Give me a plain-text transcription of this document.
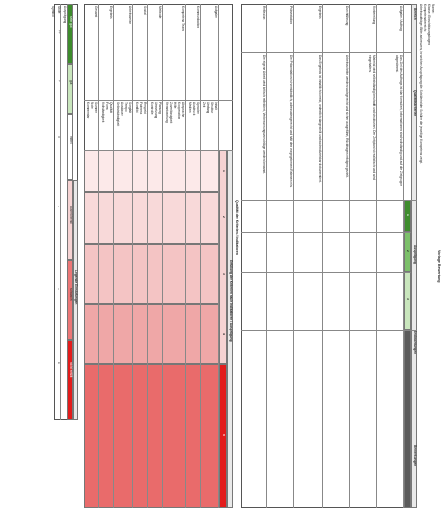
Vorlage Bewertung
Name:
Klasse: Einschätzungsbogen
Kompetenzbereich:
Arbeitsaufträge: Bitte ankreuzen, in welcher Ausprägung die Schülerin/der Schüler die jeweilige Kompetenz zeigt.
Bereich
Qualitätskriterien
Ausprägung
Beobachtungen
Bemerkungen
Aufgabe / Auftrag
Das Ziel des Auftrags ist klar formuliert, Informationen sind vollständig und auf die Zielgruppe abgestimmt.
Vorbereitung
Material wird selbstständig beschafft und strukturiert. Der Zeitplan ist realistisch und wird eingehalten.
Durchführung
Arbeitsschritte werden sachgerecht und sicher ausgeführt, Rückfragen erfolgen gezielt.
Ergebnis
Das Ergebnis ist inhaltlich korrekt, ordentlich dargestellt und nachvollziehbar dokumentiert.
Präsentation
Die Präsentation ist verständlich, adressatengerecht und hält den vorgegebenen Rahmen ein.
Reflexion
Die eigene Arbeit wird kritisch reflektiert, Verbesserungsvorschläge werden benannt.
Qualität der Kriterien / Indikatoren
Erfüllung der Kriterien nach Indikatoren / Ausprägung
Aufgabe
Inhalt
Struktur
Umfang
Zeit
Kommunikation
Sprache
Ausdruck
Medien
Kompetenz Team
Absprache
Kooperation
Hilfe
Zuverlässigkeit
Verantwortung
Methode
Planung
Umsetzung
Kontrolle
Sozial
Respekt
Fairness
Konflikt
Arbeitsweise
Sorgfalt
Tempo
Ausdauer
Selbstständigkeit
Ergebnis
Qualität
Form
Vollständigkeit
Gesamt
Summe
Note
Kommentar
Legende Einstufungen
sehr gut
gut
mittel
ausreichend
schwach
nicht erfüllt
Ausprägung
Stufe
--
++
Symbol
